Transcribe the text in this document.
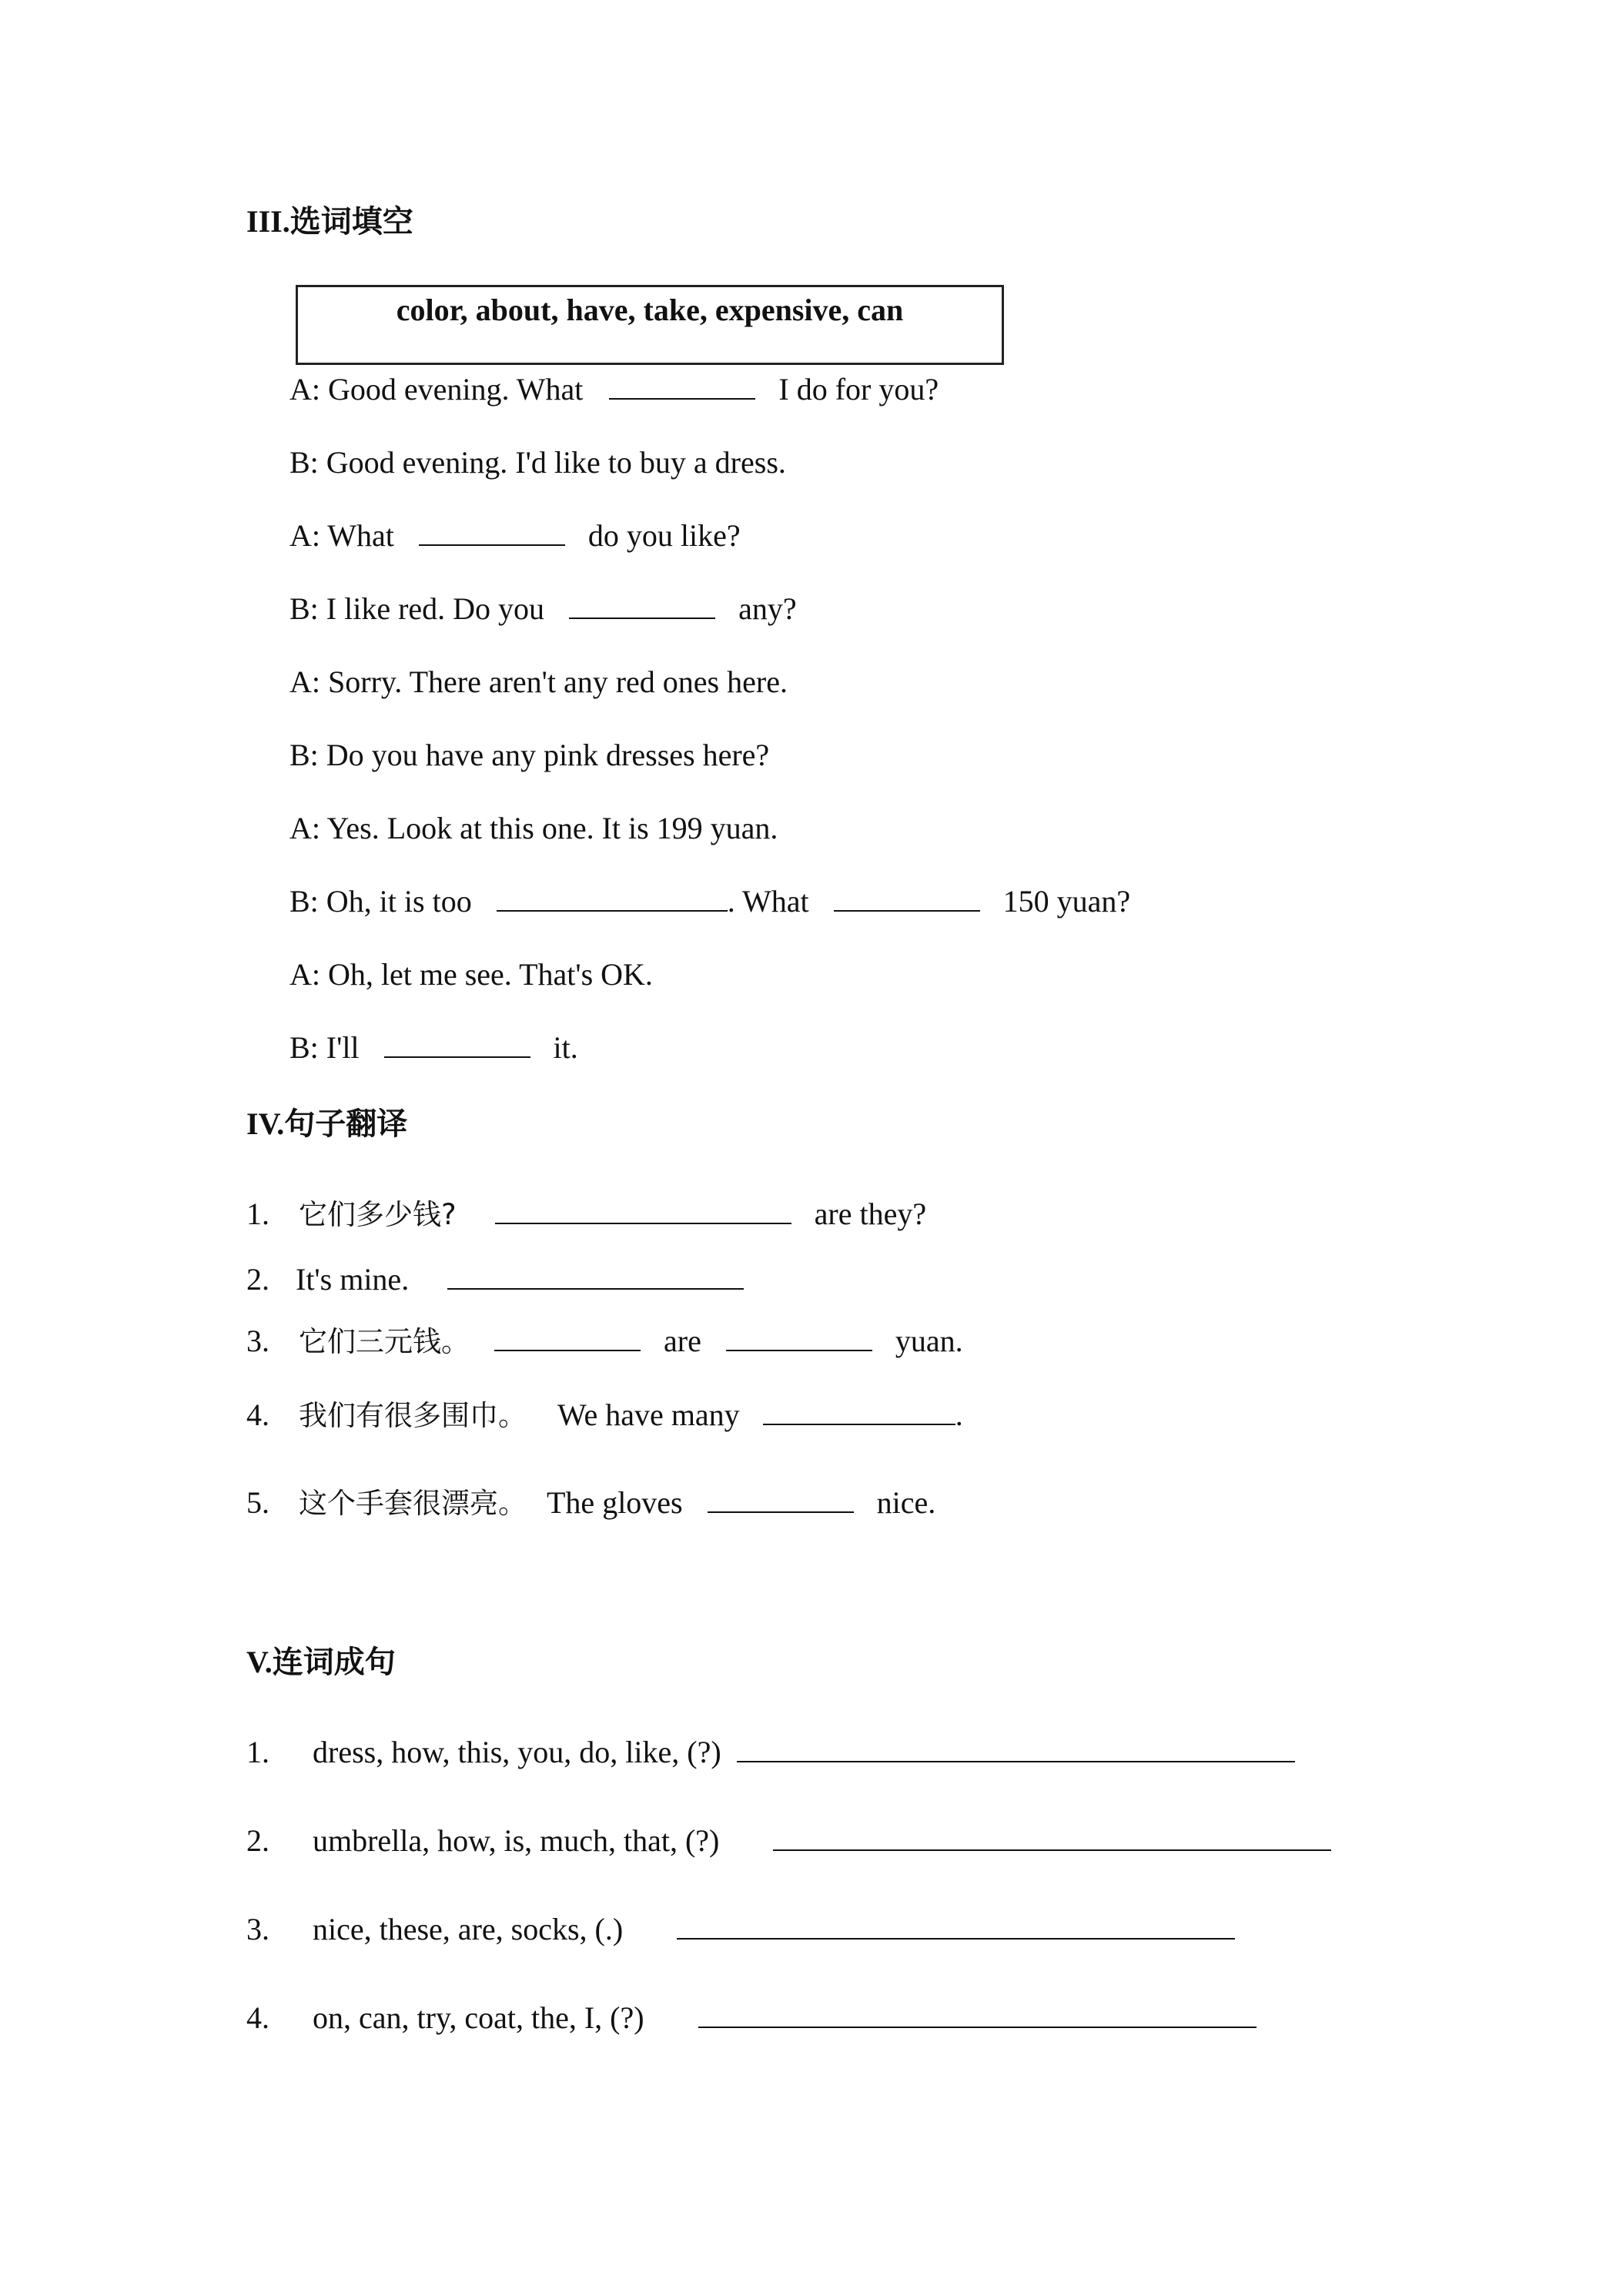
III.选词填空
color, about, have, take, expensive, can
A: Good evening. What	I do for you?
B: Good evening. I'd like to buy a dress.
A: What	do you like?
B: I like red. Do you	any?
A: Sorry. There aren't any red ones here.
B: Do you have any pink dresses here?
A: Yes. Look at this one. It is 199 yuan.
B: Oh, it is too	. What	150 yuan?
A: Oh, let me see. That's OK.
B: I'll	it.
IV.句子翻译
1. 它们多少钱?	are they?
2. It's mine.
3. 它们三元钱。	are	yuan.
4. 我们有很多围巾。 We have many	.
5. 这个手套很漂亮。 The gloves	nice.
V.连词成句
1. dress, how, this, you, do, like, (?)
2. umbrella, how, is, much, that, (?)
3. nice, these, are, socks, (.)
4. on, can, try, coat, the, I, (?)
